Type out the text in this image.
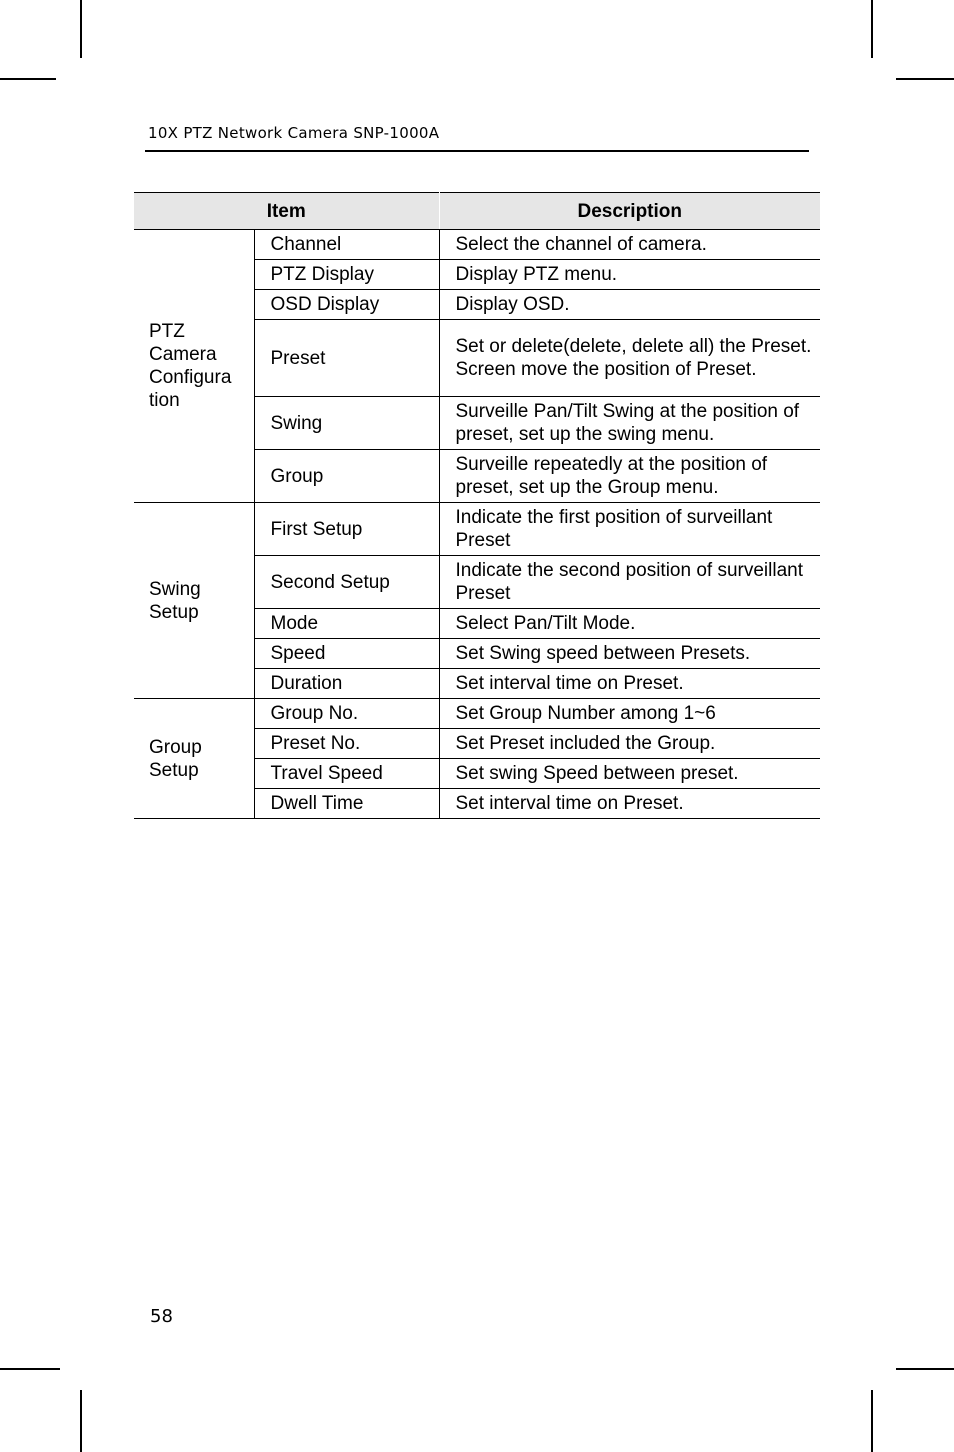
10X PTZ Network Camera SNP-1000A
Item		Description
PTZ Camera Configura tion	Channel	Select the channel of camera.
	PTZ Display	Display PTZ menu.
	OSD Display	Display OSD.
	Preset	Set or delete(delete, delete all) the Preset. Screen move the position of Preset.
	Swing	Surveille Pan/Tilt Swing at the position of preset, set up the swing menu.
	Group	Surveille repeatedly at the position of preset, set up the Group menu.
Swing Setup	First Setup	Indicate the first position of surveillant Preset
	Second Setup	Indicate the second position of surveillant Preset
	Mode	Select Pan/Tilt Mode.
	Speed	Set Swing speed between Presets.
	Duration	Set interval time on Preset.
Group Setup	Group No.	Set Group Number among 1~6
	Preset No.	Set Preset included the Group.
	Travel Speed	Set swing Speed between preset.
	Dwell Time	Set interval time on Preset.
58
